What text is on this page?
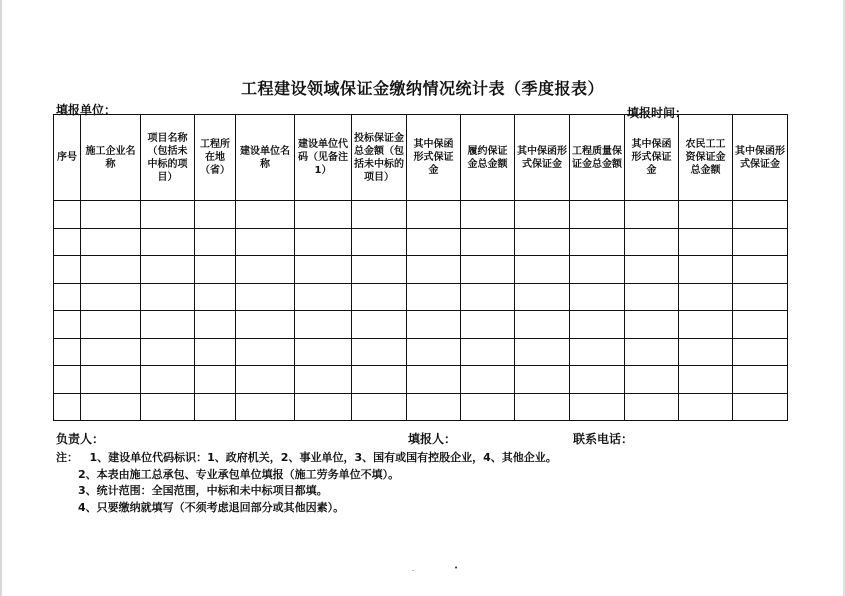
工程建设领域保证金缴纳情况统计表（季度报表）
填报单位：	填报时间：
序号	施工企业名称	项目名称（包括未中标的项目）	工程所在地（省）	建设单位名称	建设单位代码（见备注1）	投标保证金总金额（包括未中标的项目）	其中保函形式保证金	履约保证金总金额	其中保函形式保证金	工程质量保证金总金额	其中保函形式保证金	农民工工资保证金总金额	其中保函形式保证金

负责人：	填报人：	联系电话：
注： 1、建设单位代码标识：1、政府机关，2、事业单位，3、国有或国有控股企业，4、其他企业。
2、本表由施工总承包、专业承包单位填报（施工劳务单位不填）。
3、统计范围：全国范围，中标和未中标项目都填。
4、只要缴纳就填写（不须考虑退回部分或其他因素）。
·	•
